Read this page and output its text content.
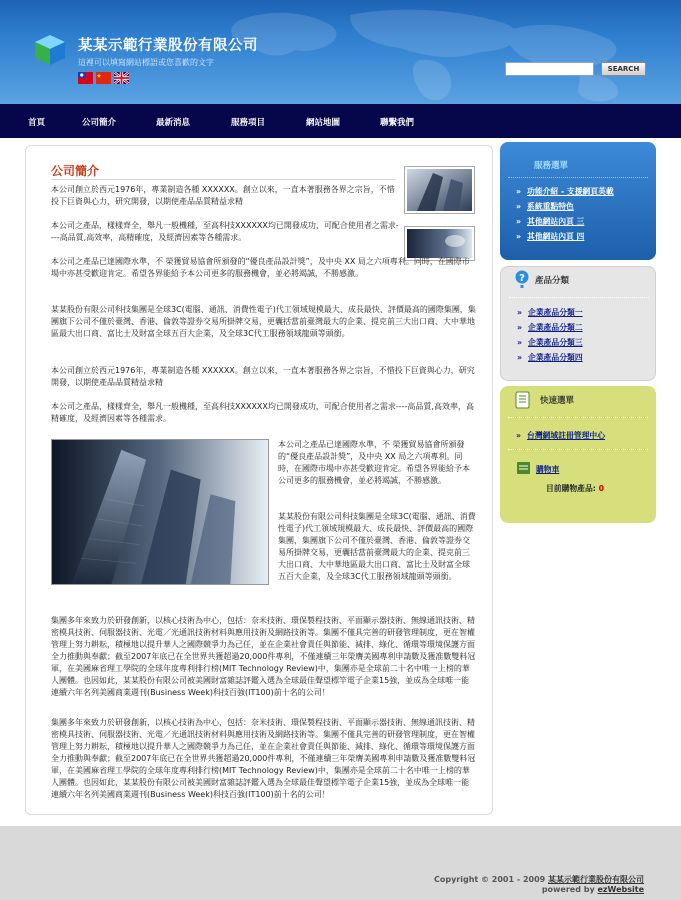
某某示範行業股份有限公司
這裡可以填寫網站標語或您喜歡的文字
SEARCH
首頁	公司簡介	最新消息	服務項目	網站地圖	聯繫我們
公司簡介
本公司創立於西元1976年，專業制造各種 XXXXXX。創立以來，一直本著服務各界之宗旨，不惜投下巨資與心力，研究開發，以期使產品品質精益求精
本公司之產品，樣樣齊全，舉凡一般機種，至高科技XXXXXX均已開發成功，可配合使用者之需求----高品質,高效率，高精確度，及經濟因素等各種需求。
本公司之產品已達國際水準，不 榮獲貿易協會所頒發的“優良產品設計獎”，及中央 XX 局之六項專利。同時，在國際市場中亦甚受歡迎肯定。希望各界能給予本公司更多的服務機會，並必將竭誠，不勝感激。
某某股份有限公司科技集團是全球3C(電腦、通訊、消費性電子)代工領域規模最大、成長最快、評價最高的國際集團，集團旗下公司不僅於臺灣、香港、倫敦等證券交易所掛牌交易，更囊括當前臺灣最大的企業、提克前三大出口商、大中華地區最大出口商、富比士及財富全球五百大企業，及全球3C代工服務領域龍頭等頭銜。
本公司創立於西元1976年，專業制造各種 XXXXXX。創立以來，一直本著服務各界之宗旨，不惜投下巨資與心力，研究開發，以期使產品品質精益求精
本公司之產品，樣樣齊全，舉凡一般機種，至高科技XXXXXX均已開發成功，可配合使用者之需求----高品質,高效率，高精確度，及經濟因素等各種需求。
本公司之產品已達國際水準，不 榮獲貿易協會所頒發的“優良產品設計獎”，及中央 XX 局之六項專利。同時，在國際市場中亦甚受歡迎肯定。希望各界能給予本公司更多的服務機會，並必將竭誠，不勝感激。
某某股份有限公司科技集團是全球3C(電腦、通訊、消費性電子)代工領域規模最大、成長最快、評價最高的國際集團，集團旗下公司不僅於臺灣、香港、倫敦等證券交易所掛牌交易，更囊括當前臺灣最大的企業、提克前三大出口商、大中華地區最大出口商、富比士及財富全球五百大企業，及全球3C代工服務領域龍頭等頭銜。
集團多年來致力於研發創新，以核心技術為中心，包括：奈米技術、環保製程技術、平面顯示器技術、無線通訊技術、精密模具技術、伺服器技術、光電／光通訊技術材料與應用技術及網路技術等。集團不僅具完善的研發管理制度，更在智權管理上努力耕耘，積極地以提升華人之國際競爭力為己任，並在企業社會責任與節能、減排、綠化、循環等環境保護方面全力推動與奉獻；截至2007年底已在全世界共獲超過20,000件專利，不僅連續三年榮膺美國專利申請數及獲准數雙料冠軍，在美國麻省理工學院的全球年度專利排行榜(MIT Technology Review)中，集團亦是全球前二十名中唯一上榜的華人團體。也因如此，某某股份有限公司被美國財富雜誌評鑑入選為全球最佳聲望標竿電子企業15強，並成為全球唯一能連續六年名列美國商業週刊(Business Week)科技百強(IT100)前十名的公司！
集團多年來致力於研發創新，以核心技術為中心，包括：奈米技術、環保製程技術、平面顯示器技術、無線通訊技術、精密模具技術、伺服器技術、光電／光通訊技術材料與應用技術及網路技術等。集團不僅具完善的研發管理制度，更在智權管理上努力耕耘，積極地以提升華人之國際競爭力為己任，並在企業社會責任與節能、減排、綠化、循環等環境保護方面全力推動與奉獻；截至2007年底已在全世界共獲超過20,000件專利，不僅連續三年榮膺美國專利申請數及獲准數雙料冠軍，在美國麻省理工學院的全球年度專利排行榜(MIT Technology Review)中，集團亦是全球前二十名中唯一上榜的華人團體。也因如此，某某股份有限公司被美國財富雜誌評鑑入選為全球最佳聲望標竿電子企業15強，並成為全球唯一能連續六年名列美國商業週刊(Business Week)科技百強(IT100)前十名的公司！
服務選單
» 功能介紹 - 支援網頁英載
» 系統重點特色
» 其他網站內頁 三
» 其他網站內頁 四
? 產品分類
» 企業產品分類一
» 企業產品分類二
» 企業產品分類三
» 企業產品分類四
快速選單
» 台灣網域註冊管理中心
購物車
目前購物產品: 0
Copyright © 2001 - 2009 某某示範行業股份有限公司
powered by ezWebsite
